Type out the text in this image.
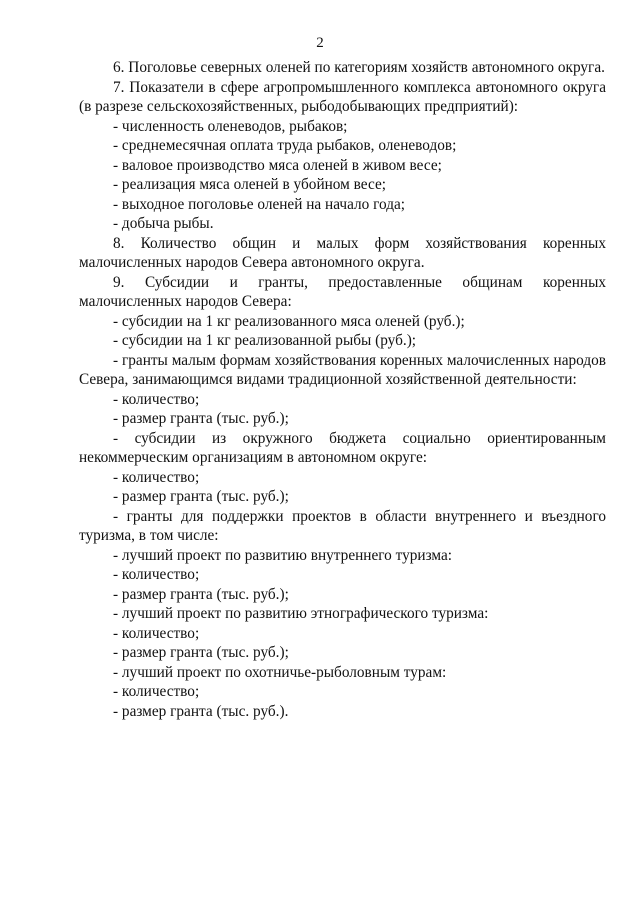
2

6. Поголовье северных оленей по категориям хозяйств автономного округа.

7. Показатели в сфере агропромышленного комплекса автономного округа (в разрезе сельскохозяйственных, рыбодобывающих предприятий):

- численность оленеводов, рыбаков;

- среднемесячная оплата труда рыбаков, оленеводов;

- валовое производство мяса оленей в живом весе;

- реализация мяса оленей в убойном весе;

- выходное поголовье оленей на начало года;

- добыча рыбы.

8. Количество общин и малых форм хозяйствования коренных малочисленных народов Севера автономного округа.

9. Субсидии и гранты, предоставленные общинам коренных малочисленных народов Севера:

- субсидии на 1 кг реализованного мяса оленей (руб.);

- субсидии на 1 кг реализованной рыбы (руб.);

- гранты малым формам хозяйствования коренных малочисленных народов Севера, занимающимся видами традиционной хозяйственной деятельности:

- количество;

- размер гранта (тыс. руб.);

- субсидии из окружного бюджета социально ориентированным некоммерческим организациям в автономном округе:

- количество;

- размер гранта (тыс. руб.);

- гранты для поддержки проектов в области внутреннего и въездного туризма, в том числе:

- лучший проект по развитию внутреннего туризма:

- количество;

- размер гранта (тыс. руб.);

- лучший проект по развитию этнографического туризма:

- количество;

- размер гранта (тыс. руб.);

- лучший проект по охотничье-рыболовным турам:

- количество;

- размер гранта (тыс. руб.).
